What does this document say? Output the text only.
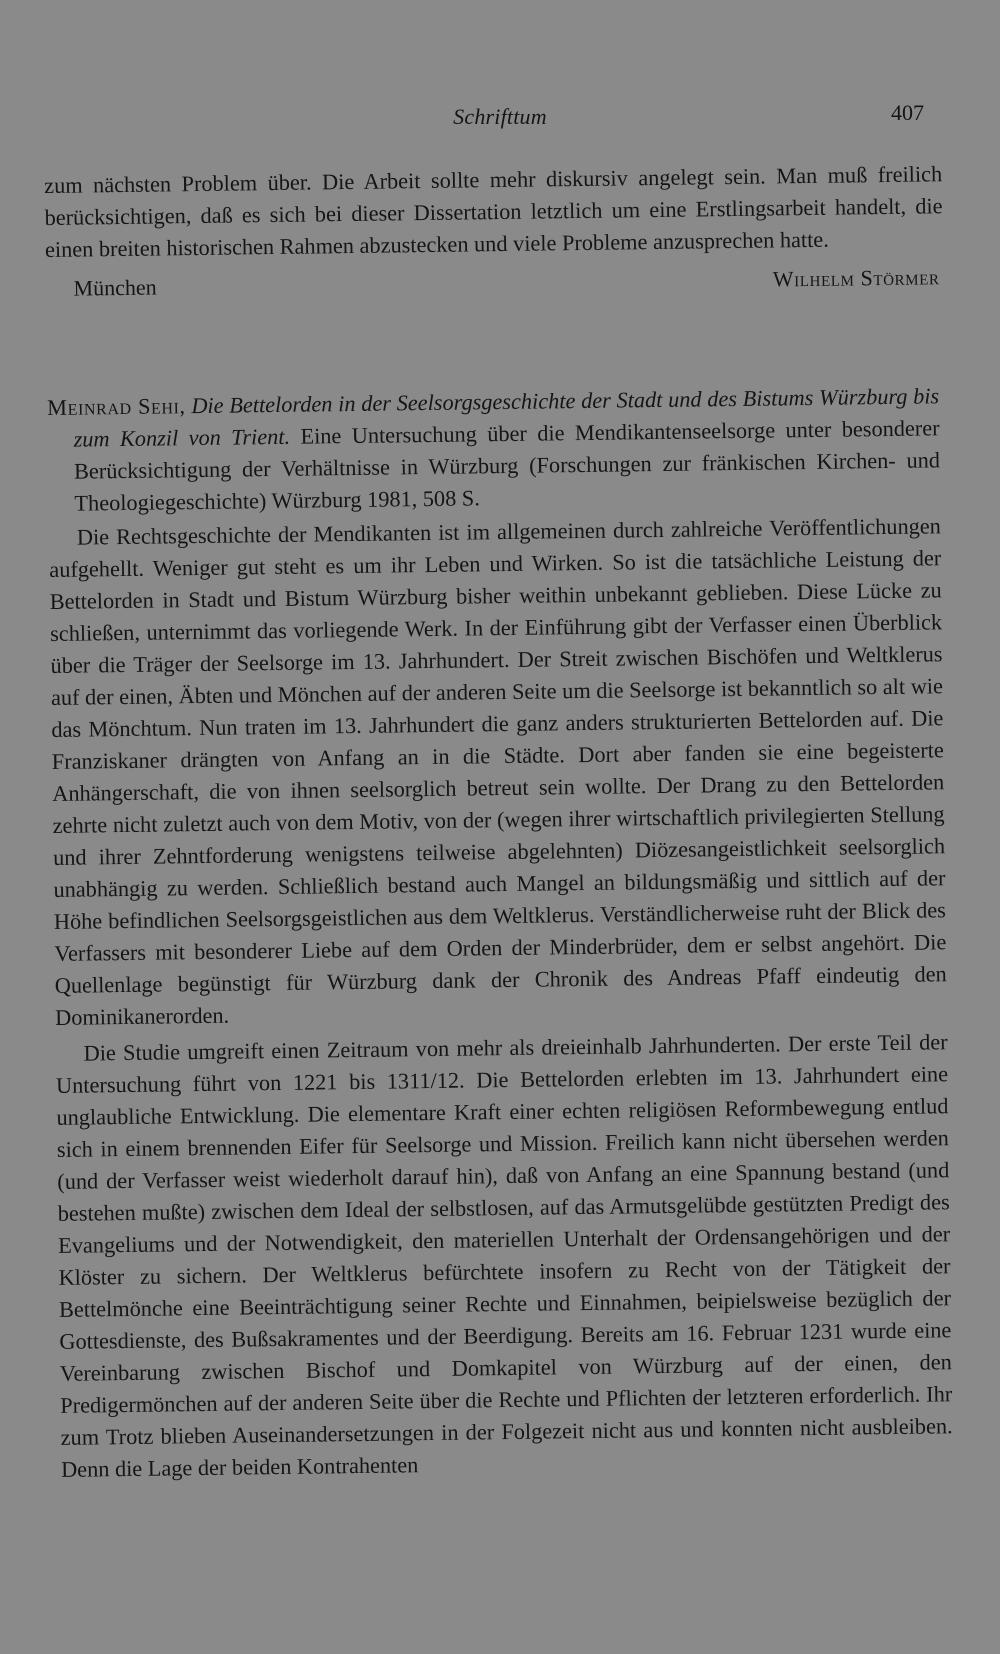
Schrifttum	407

zum nächsten Problem über. Die Arbeit sollte mehr diskursiv angelegt sein. Man muß freilich berücksichtigen, daß es sich bei dieser Dissertation letztlich um eine Erstlingsarbeit handelt, die einen breiten historischen Rahmen abzustecken und viele Probleme anzusprechen hatte.

München	Wilhelm Störmer

Meinrad Sehi, Die Bettelorden in der Seelsorgsgeschichte der Stadt und des Bistums Würzburg bis zum Konzil von Trient. Eine Untersuchung über die Mendikantenseelsorge unter besonderer Berücksichtigung der Verhältnisse in Würzburg (Forschungen zur fränkischen Kirchen- und Theologiegeschichte) Würzburg 1981, 508 S.

Die Rechtsgeschichte der Mendikanten ist im allgemeinen durch zahlreiche Veröffentlichungen aufgehellt. Weniger gut steht es um ihr Leben und Wirken. So ist die tatsächliche Leistung der Bettelorden in Stadt und Bistum Würzburg bisher weithin unbekannt geblieben. Diese Lücke zu schließen, unternimmt das vorliegende Werk. In der Einführung gibt der Verfasser einen Überblick über die Träger der Seelsorge im 13. Jahrhundert. Der Streit zwischen Bischöfen und Weltklerus auf der einen, Äbten und Mönchen auf der anderen Seite um die Seelsorge ist bekanntlich so alt wie das Mönchtum. Nun traten im 13. Jahrhundert die ganz anders strukturierten Bettelorden auf. Die Franziskaner drängten von Anfang an in die Städte. Dort aber fanden sie eine begeisterte Anhängerschaft, die von ihnen seelsorglich betreut sein wollte. Der Drang zu den Bettelorden zehrte nicht zuletzt auch von dem Motiv, von der (wegen ihrer wirtschaftlich privilegierten Stellung und ihrer Zehntforderung wenigstens teilweise abgelehnten) Diözesangeistlichkeit seelsorglich unabhängig zu werden. Schließlich bestand auch Mangel an bildungsmäßig und sittlich auf der Höhe befindlichen Seelsorgsgeistlichen aus dem Weltklerus. Verständlicherweise ruht der Blick des Verfassers mit besonderer Liebe auf dem Orden der Minderbrüder, dem er selbst angehört. Die Quellenlage begünstigt für Würzburg dank der Chronik des Andreas Pfaff eindeutig den Dominikanerorden.

Die Studie umgreift einen Zeitraum von mehr als dreieinhalb Jahrhunderten. Der erste Teil der Untersuchung führt von 1221 bis 1311/12. Die Bettelorden erlebten im 13. Jahrhundert eine unglaubliche Entwicklung. Die elementare Kraft einer echten religiösen Reformbewegung entlud sich in einem brennenden Eifer für Seelsorge und Mission. Freilich kann nicht übersehen werden (und der Verfasser weist wiederholt darauf hin), daß von Anfang an eine Spannung bestand (und bestehen mußte) zwischen dem Ideal der selbstlosen, auf das Armutsgelübde gestützten Predigt des Evangeliums und der Notwendigkeit, den materiellen Unterhalt der Ordensangehörigen und der Klöster zu sichern. Der Weltklerus befürchtete insofern zu Recht von der Tätigkeit der Bettelmönche eine Beeinträchtigung seiner Rechte und Einnahmen, beipielsweise bezüglich der Gottesdienste, des Bußsakramentes und der Beerdigung. Bereits am 16. Februar 1231 wurde eine Vereinbarung zwischen Bischof und Domkapitel von Würzburg auf der einen, den Predigermönchen auf der anderen Seite über die Rechte und Pflichten der letzteren erforderlich. Ihr zum Trotz blieben Auseinandersetzungen in der Folgezeit nicht aus und konnten nicht ausbleiben. Denn die Lage der beiden Kontrahenten
